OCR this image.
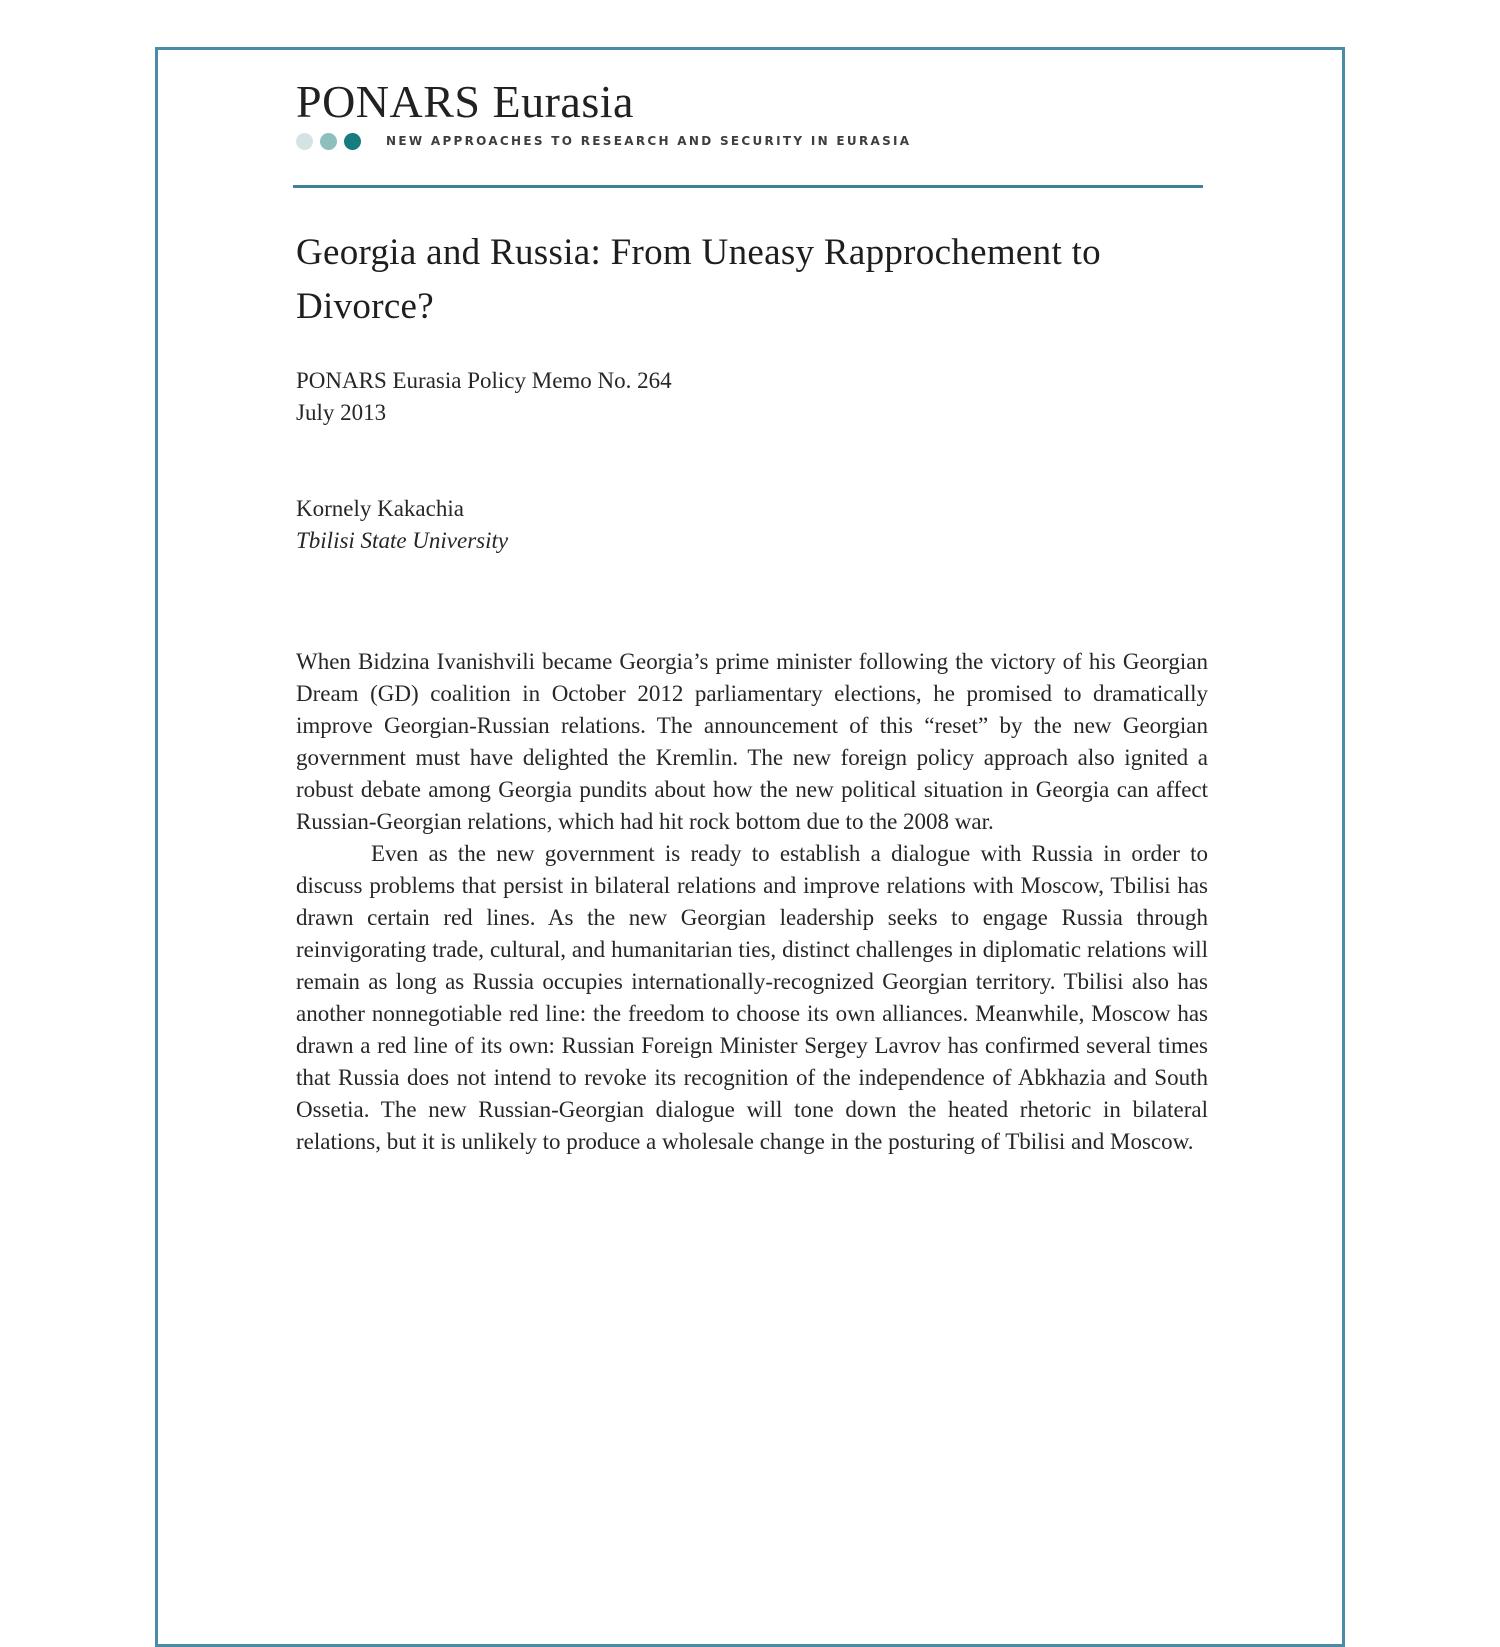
PONARS Eurasia
NEW APPROACHES TO RESEARCH AND SECURITY IN EURASIA
Georgia and Russia: From Uneasy Rapprochement to Divorce?
PONARS Eurasia Policy Memo No. 264
July 2013
Kornely Kakachia
Tbilisi State University

When Bidzina Ivanishvili became Georgia’s prime minister following the victory of his Georgian Dream (GD) coalition in October 2012 parliamentary elections, he promised to dramatically improve Georgian-Russian relations. The announcement of this “reset” by the new Georgian government must have delighted the Kremlin. The new foreign policy approach also ignited a robust debate among Georgia pundits about how the new political situation in Georgia can affect Russian-Georgian relations, which had hit rock bottom due to the 2008 war.

Even as the new government is ready to establish a dialogue with Russia in order to discuss problems that persist in bilateral relations and improve relations with Moscow, Tbilisi has drawn certain red lines. As the new Georgian leadership seeks to engage Russia through reinvigorating trade, cultural, and humanitarian ties, distinct challenges in diplomatic relations will remain as long as Russia occupies internationally-recognized Georgian territory. Tbilisi also has another nonnegotiable red line: the freedom to choose its own alliances. Meanwhile, Moscow has drawn a red line of its own: Russian Foreign Minister Sergey Lavrov has confirmed several times that Russia does not intend to revoke its recognition of the independence of Abkhazia and South Ossetia. The new Russian-Georgian dialogue will tone down the heated rhetoric in bilateral relations, but it is unlikely to produce a wholesale change in the posturing of Tbilisi and Moscow.
